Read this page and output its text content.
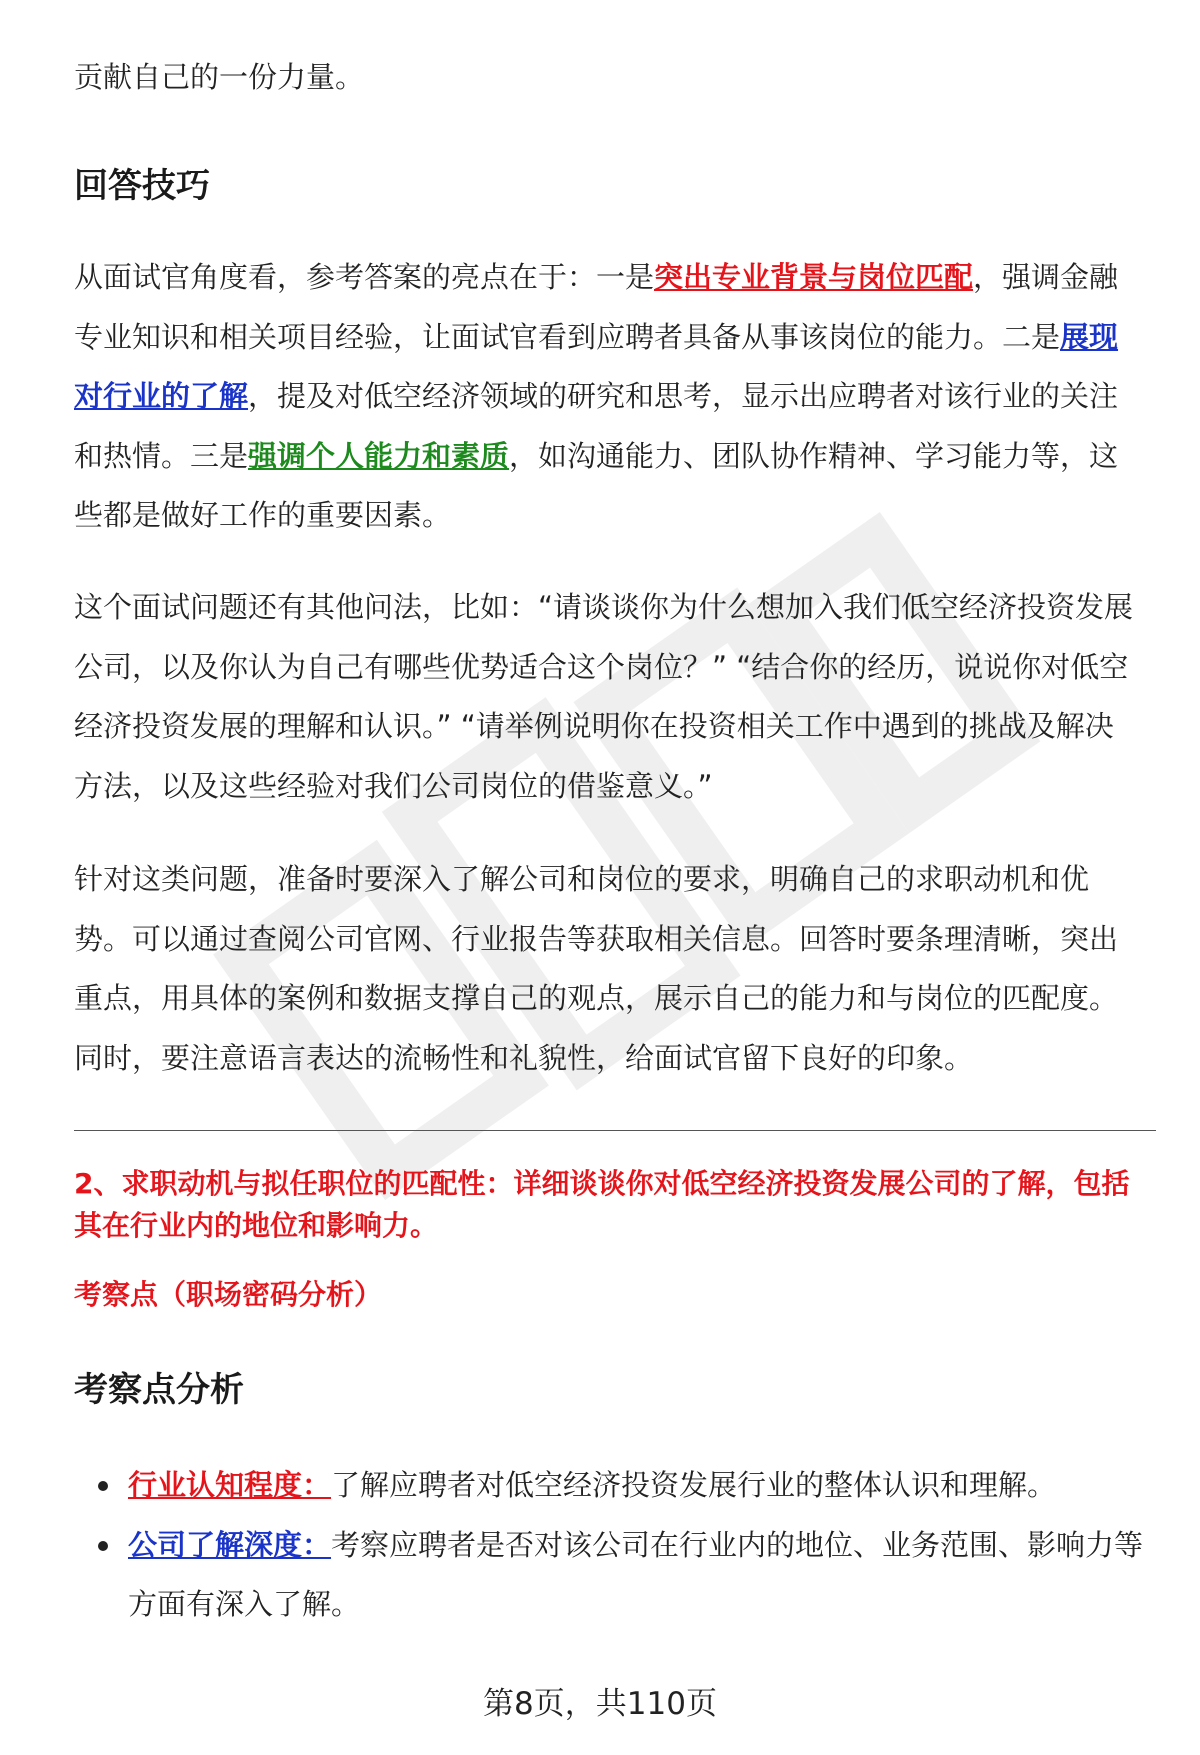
贡献自己的一份力量。

回答技巧

从面试官角度看，参考答案的亮点在于：一是突出专业背景与岗位匹配，强调金融专业知识和相关项目经验，让面试官看到应聘者具备从事该岗位的能力。二是展现对行业的了解，提及对低空经济领域的研究和思考，显示出应聘者对该行业的关注和热情。三是强调个人能力和素质，如沟通能力、团队协作精神、学习能力等，这些都是做好工作的重要因素。

这个面试问题还有其他问法，比如：“请谈谈你为什么想加入我们低空经济投资发展公司，以及你认为自己有哪些优势适合这个岗位？” “结合你的经历，说说你对低空经济投资发展的理解和认识。” “请举例说明你在投资相关工作中遇到的挑战及解决方法，以及这些经验对我们公司岗位的借鉴意义。”

针对这类问题，准备时要深入了解公司和岗位的要求，明确自己的求职动机和优势。可以通过查阅公司官网、行业报告等获取相关信息。回答时要条理清晰，突出重点，用具体的案例和数据支撑自己的观点，展示自己的能力和与岗位的匹配度。同时，要注意语言表达的流畅性和礼貌性，给面试官留下良好的印象。

2、求职动机与拟任职位的匹配性：详细谈谈你对低空经济投资发展公司的了解，包括其在行业内的地位和影响力。

考察点（职场密码分析）

考察点分析
行业认知程度：了解应聘者对低空经济投资发展行业的整体认识和理解。
公司了解深度：考察应聘者是否对该公司在行业内的地位、业务范围、影响力等方面有深入了解。
第8页，共110页
